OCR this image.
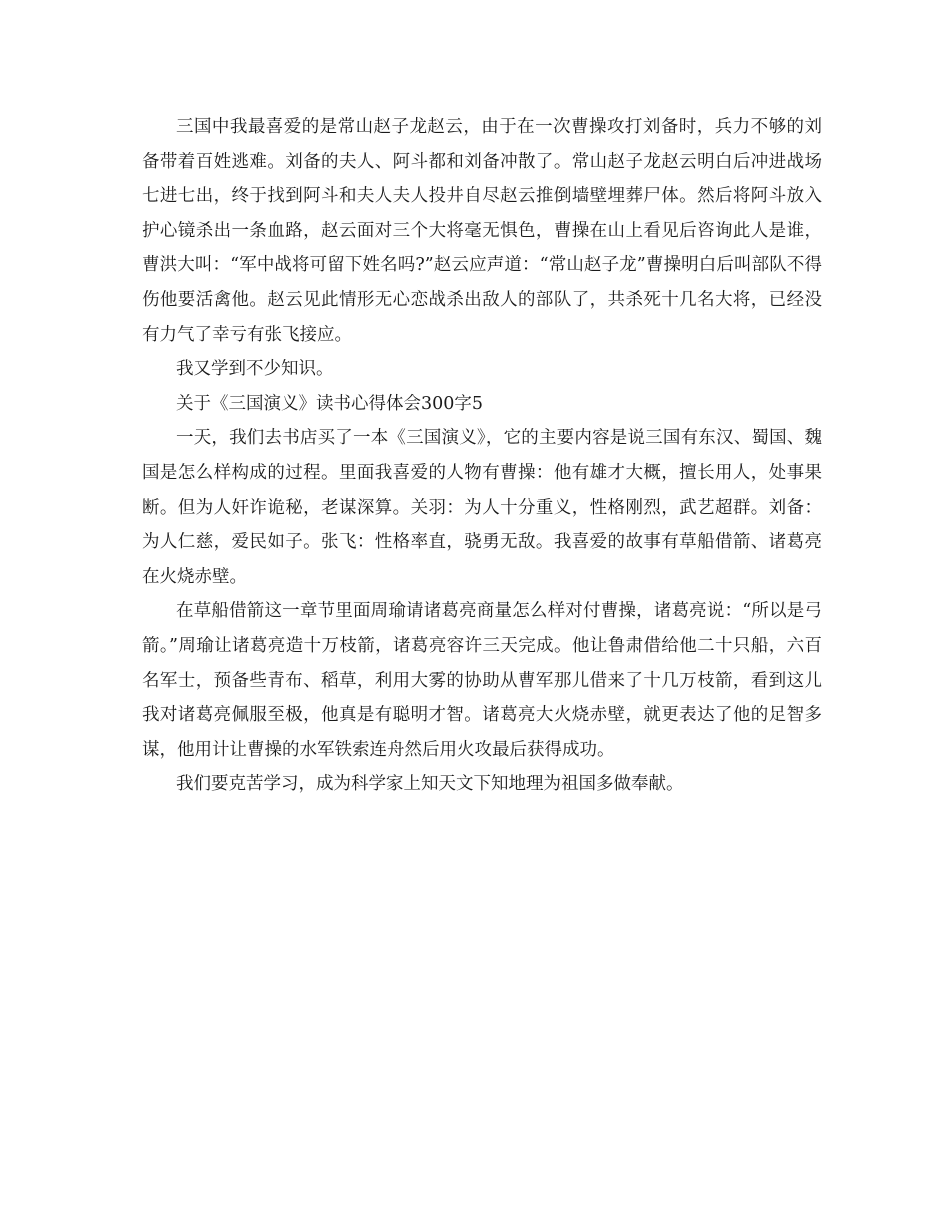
三国中我最喜爱的是常山赵子龙赵云，由于在一次曹操攻打刘备时，兵力不够的刘备带着百姓逃难。刘备的夫人、阿斗都和刘备冲散了。常山赵子龙赵云明白后冲进战场七进七出，终于找到阿斗和夫人夫人投井自尽赵云推倒墙壁埋葬尸体。然后将阿斗放入护心镜杀出一条血路，赵云面对三个大将毫无惧色，曹操在山上看见后咨询此人是谁，曹洪大叫：“军中战将可留下姓名吗?”赵云应声道：“常山赵子龙”曹操明白后叫部队不得伤他要活禽他。赵云见此情形无心恋战杀出敌人的部队了，共杀死十几名大将，已经没有力气了幸亏有张飞接应。

我又学到不少知识。

关于《三国演义》读书心得体会300字5

一天，我们去书店买了一本《三国演义》，它的主要内容是说三国有东汉、蜀国、魏国是怎么样构成的过程。里面我喜爱的人物有曹操：他有雄才大概，擅长用人，处事果断。但为人奸诈诡秘，老谋深算。关羽：为人十分重义，性格刚烈，武艺超群。刘备：为人仁慈，爱民如子。张飞：性格率直，骁勇无敌。我喜爱的故事有草船借箭、诸葛亮在火烧赤壁。

在草船借箭这一章节里面周瑜请诸葛亮商量怎么样对付曹操，诸葛亮说：“所以是弓箭。”周瑜让诸葛亮造十万枝箭，诸葛亮容许三天完成。他让鲁肃借给他二十只船，六百名军士，预备些青布、稻草，利用大雾的协助从曹军那儿借来了十几万枝箭，看到这儿我对诸葛亮佩服至极，他真是有聪明才智。诸葛亮大火烧赤壁，就更表达了他的足智多谋，他用计让曹操的水军铁索连舟然后用火攻最后获得成功。

我们要克苦学习，成为科学家上知天文下知地理为祖国多做奉献。
